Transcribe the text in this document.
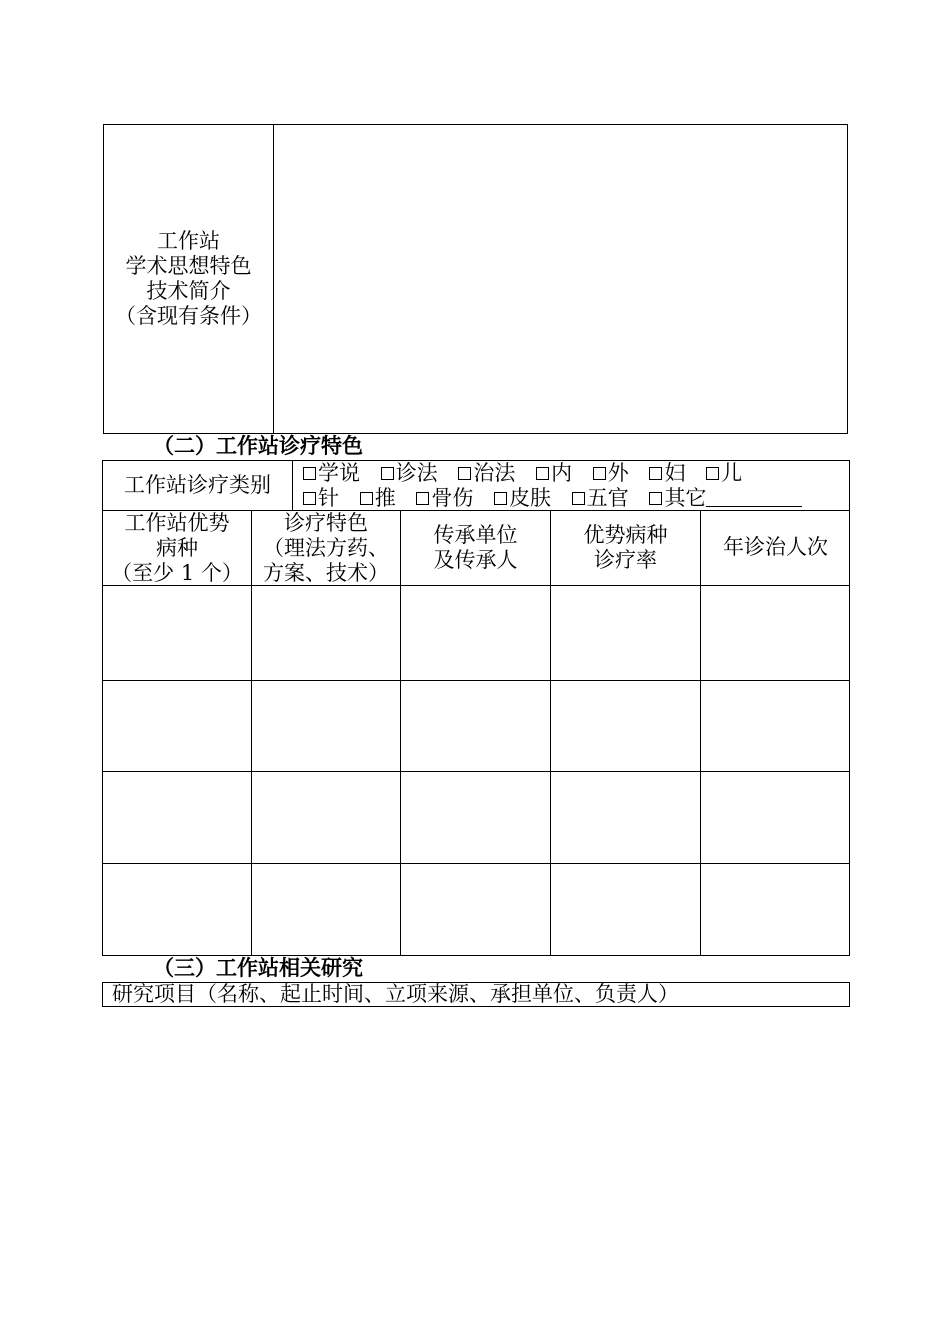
工作站
学术思想特色
技术简介
（含现有条件）
（二）工作站诊疗特色
工作站诊疗类别	学说 诊法 治法 内 外 妇 儿
针 推 骨伤 皮肤 五官 其它
工作站优势
病种
（至少 1 个）
诊疗特色
（理法方药、
方案、技术）
传承单位
及传承人
优势病种
诊疗率
年诊治人次
（三）工作站相关研究
研究项目（名称、起止时间、立项来源、承担单位、负责人）
